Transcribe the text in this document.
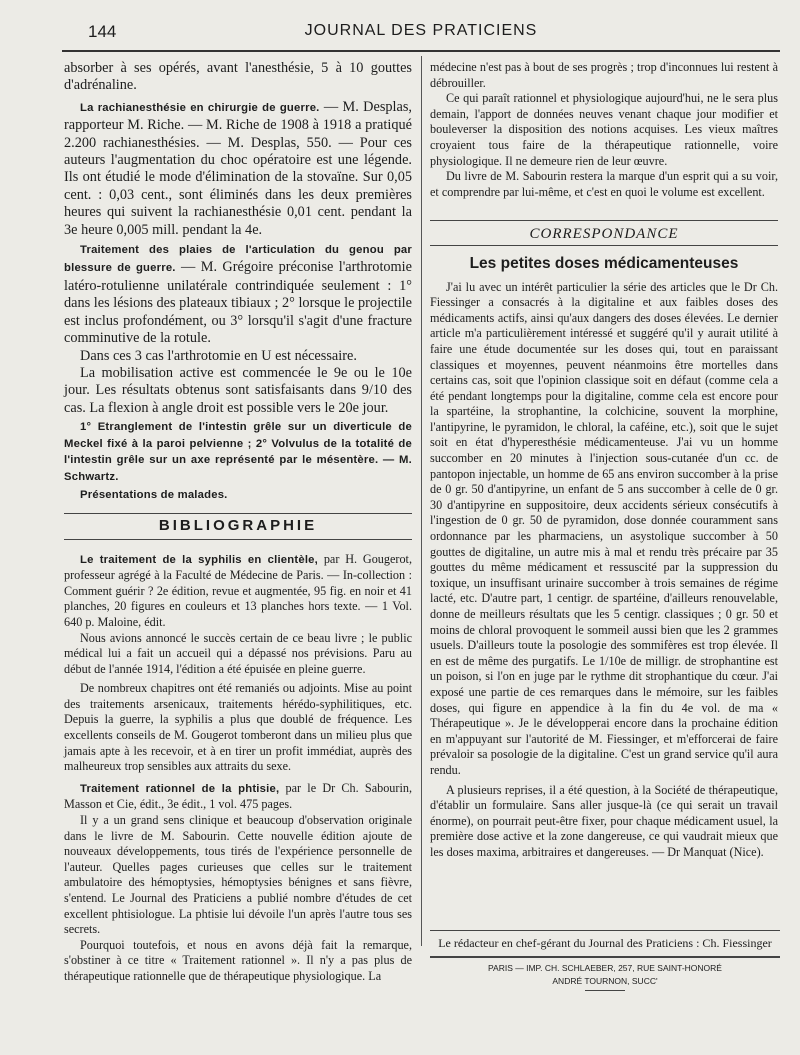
144	JOURNAL DES PRATICIENS

absorber à ses opérés, avant l'anesthésie, 5 à 10 gouttes d'adrénaline.

La rachianesthésie en chirurgie de guerre. — M. Desplas, rapporteur M. Riche. — M. Riche de 1908 à 1918 a pratiqué 2.200 rachianesthésies. — M. Desplas, 550. — Pour ces auteurs l'augmentation du choc opératoire est une légende. Ils ont étudié le mode d'élimination de la stovaïne. Sur 0,05 cent. : 0,03 cent., sont éliminés dans les deux premières heures qui suivent la rachianesthésie 0,01 cent. pendant la 3e heure 0,005 mill. pendant la 4e.

Traitement des plaies de l'articulation du genou par blessure de guerre. — M. Grégoire préconise l'arthrotomie latéro-rotulienne unilatérale contrindiquée seulement : 1° dans les lésions des plateaux tibiaux ; 2° lorsque le projectile est inclus profondément, ou 3° lorsqu'il s'agit d'une fracture comminutive de la rotule.

Dans ces 3 cas l'arthrotomie en U est nécessaire.

La mobilisation active est commencée le 9e ou le 10e jour. Les résultats obtenus sont satisfaisants dans 9/10 des cas. La flexion à angle droit est possible vers le 20e jour.

1° Etranglement de l'intestin grêle sur un diverticule de Meckel fixé à la paroi pelvienne ; 2° Volvulus de la totalité de l'intestin grêle sur un axe représenté par le mésentère. — M. Schwartz.

Présentations de malades.

BIBLIOGRAPHIE

Le traitement de la syphilis en clientèle, par H. Gougerot, professeur agrégé à la Faculté de Médecine de Paris. — In-collection : Comment guérir ? 2e édition, revue et augmentée, 95 fig. en noir et 41 planches, 20 figures en couleurs et 13 planches hors texte. — 1 Vol. 640 p. Maloine, édit.

Nous avions annoncé le succès certain de ce beau livre ; le public médical lui a fait un accueil qui a dépassé nos prévisions. Paru au début de l'année 1914, l'édition a été épuisée en pleine guerre.

De nombreux chapitres ont été remaniés ou adjoints. Mise au point des traitements arsenicaux, traitements hérédo-syphilitiques, etc. Depuis la guerre, la syphilis a plus que doublé de fréquence. Les excellents conseils de M. Gougerot tomberont dans un milieu plus que jamais apte à les recevoir, et à en tirer un profit immédiat, auprès des malheureux trop sensibles aux attraits du sexe.

Traitement rationnel de la phtisie, par le Dr Ch. Sabourin, Masson et Cie, édit., 3e édit., 1 vol. 475 pages.

Il y a un grand sens clinique et beaucoup d'observation originale dans le livre de M. Sabourin. Cette nouvelle édition ajoute de nouveaux développements, tous tirés de l'expérience personnelle de l'auteur. Quelles pages curieuses que celles sur le traitement ambulatoire des hémoptysies, hémoptysies bénignes et sans fièvre, s'entend. Le Journal des Praticiens a publié nombre d'études de cet excellent phtisiologue. La phtisie lui dévoile l'un après l'autre tous ses secrets.

Pourquoi toutefois, et nous en avons déjà fait la remarque, s'obstiner à ce titre « Traitement rationnel ». Il n'y a pas plus de thérapeutique rationnelle que de thérapeutique physiologique. La

médecine n'est pas à bout de ses progrès ; trop d'inconnues lui restent à débrouiller.

Ce qui paraît rationnel et physiologique aujourd'hui, ne le sera plus demain, l'apport de données neuves venant chaque jour modifier et bouleverser la disposition des notions acquises. Les vieux maîtres croyaient tous faire de la thérapeutique rationnelle, voire physiologique. Il ne demeure rien de leur œuvre.

Du livre de M. Sabourin restera la marque d'un esprit qui a su voir, et comprendre par lui-même, et c'est en quoi le volume est excellent.

CORRESPONDANCE
Les petites doses médicamenteuses

J'ai lu avec un intérêt particulier la série des articles que le Dr Ch. Fiessinger a consacrés à la digitaline et aux faibles doses des médicaments actifs, ainsi qu'aux dangers des doses élevées. Le dernier article m'a particulièrement intéressé et suggéré qu'il y aurait utilité à faire une étude documentée sur les doses qui, tout en paraissant classiques et moyennes, peuvent néanmoins être mortelles dans certains cas, soit que l'opinion classique soit en défaut (comme cela a été pendant longtemps pour la digitaline, comme cela est encore pour la spartéine, la strophantine, la colchicine, souvent la morphine, l'antipyrine, le pyramidon, le chloral, la caféine, etc.), soit que le sujet soit en état d'hyperesthésie médicamenteuse. J'ai vu un homme succomber en 20 minutes à l'injection sous-cutanée d'un cc. de pantopon injectable, un homme de 65 ans environ succomber à la prise de 0 gr. 50 d'antipyrine, un enfant de 5 ans succomber à celle de 0 gr. 30 d'antipyrine en suppositoire, deux accidents sérieux consécutifs à l'ingestion de 0 gr. 50 de pyramidon, dose donnée couramment sans ordonnance par les pharmaciens, un asystolique succomber à 50 gouttes de digitaline, un autre mis à mal et rendu très précaire par 35 gouttes du même médicament et ressuscité par la suppression du toxique, un insuffisant urinaire succomber à trois semaines de régime lacté, etc. D'autre part, 1 centigr. de spartéine, d'ailleurs renouvelable, donne de meilleurs résultats que les 5 centigr. classiques ; 0 gr. 50 et moins de chloral provoquent le sommeil aussi bien que les 2 grammes usuels. D'ailleurs toute la posologie des sommifères est trop élevée. Il en est de même des purgatifs. Le 1/10e de milligr. de strophantine est un poison, si l'on en juge par le rythme dit strophantique du cœur. J'ai exposé une partie de ces remarques dans le mémoire, sur les faibles doses, qui figure en appendice à la fin du 4e vol. de ma « Thérapeutique ». Je le développerai encore dans la prochaine édition en m'appuyant sur l'autorité de M. Fiessinger, et m'efforcerai de faire prévaloir sa posologie de la digitaline. C'est un grand service qu'il aura rendu.

A plusieurs reprises, il a été question, à la Société de thérapeutique, d'établir un formulaire. Sans aller jusque-là (ce qui serait un travail énorme), on pourrait peut-être fixer, pour chaque médicament usuel, la première dose active et la zone dangereuse, ce qui vaudrait mieux que les doses maxima, arbitraires et dangereuses. — Dr Manquat (Nice).

Le rédacteur en chef-gérant du Journal des Praticiens : Ch. Fiessinger
PARIS — IMP. CH. SCHLAEBER, 257, RUE SAINT-HONORÉ
ANDRÉ TOURNON, SUCC'
